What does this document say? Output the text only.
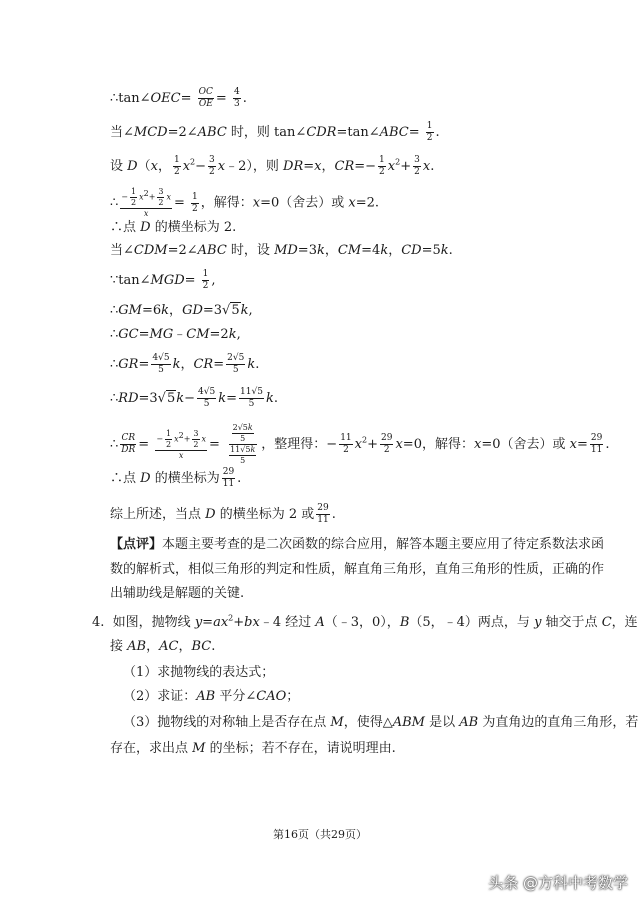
∴tan∠OEC= $\frac{OC}{OE} = \frac{4}{3}$ .
当∠MCD=2∠ABC 时，则 tan∠CDR=tan∠ABC= $\frac{1}{2}$ .
设 D（x， $\frac{1}{2} x^2- \frac{3}{2}$ x﹣2），则 DR=x，$CR=- \frac{1}{2} x^2+ \frac{3}{2} x$.
∴ $\frac{- \frac{1}{2} x^2+ \frac{3}{2} x}{x} = \frac{1}{2}$ ，解得：x=0（舍去）或 x=2.
∴点 D 的横坐标为 2.
当∠CDM=2∠ABC 时，设 MD=3k，CM=4k，CD=5k.
∵tan∠MGD= $\frac{1}{2}$ ,
∴GM=6k，GD=3√5k,
∴GC=MG﹣CM=2k,
∴GR= $\frac{4√5}{5}$ k，$CR= \frac{2√5}{5} k$.
∴RD=3√5k− $\frac{4√5}{5} k= \frac{11√5}{5} k$.
∴ $\frac{CR}{DR} = \frac{- \frac{1}{2} x^2+ \frac{3}{2} x}{x} = \frac{\frac{2√5k}{5}}{\frac{11√5k}{5}}$ ，整理得：− $\frac{11}{2} x^2+ \frac{29}{2} x=0$，解得：x=0（舍去）或 $x= \frac{29}{11}$ .
∴点 D 的横坐标为 $\frac{29}{11}$ .
综上所述，当点 D 的横坐标为 2 或 $\frac{29}{11}$ .
【点评】本题主要考查的是二次函数的综合应用，解答本题主要应用了待定系数法求函
数的解析式，相似三角形的判定和性质，解直角三角形，直角三角形的性质，正确的作
出辅助线是解题的关键.
4.  如图，抛物线 $y=ax^2+bx﹣4$ 经过 A（﹣3，0），B（5，﹣4）两点，与 y 轴交于点 C，连
接 AB，AC，BC.
（1）求抛物线的表达式；
（2）求证：AB 平分∠CAO；
（3）抛物线的对称轴上是否存在点 M，使得△ABM 是以 AB 为直角边的直角三角形，若
存在，求出点 M 的坐标；若不存在，请说明理由.
第16页（共29页）
头条 @方科中考数学
